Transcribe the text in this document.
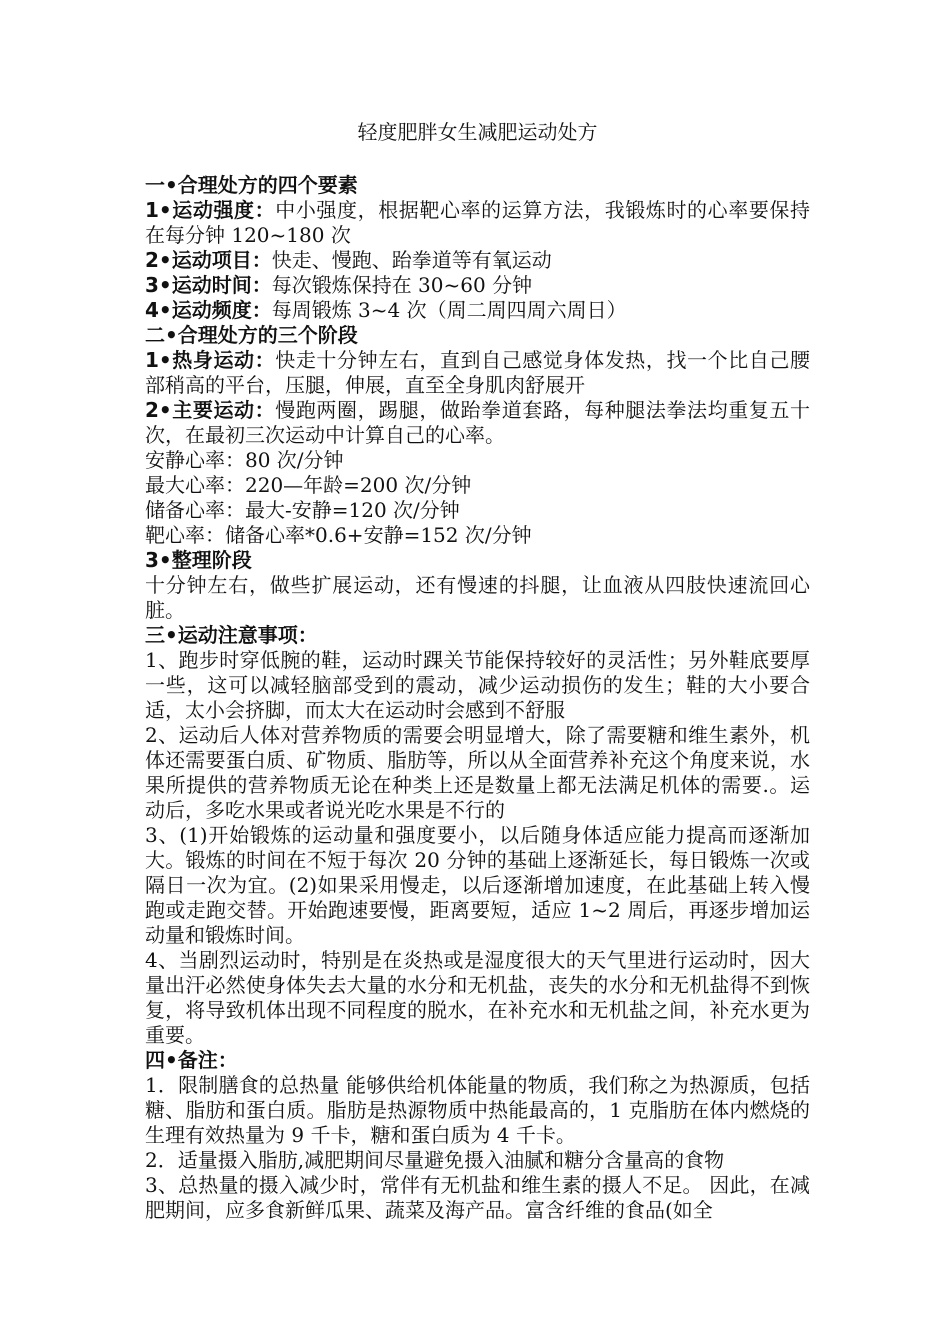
轻度肥胖女生减肥运动处方
一•合理处方的四个要素
1•运动强度：中小强度，根据靶心率的运算方法，我锻炼时的心率要保持在每分钟 120~180 次
2•运动项目：快走、慢跑、跆拳道等有氧运动
3•运动时间：每次锻炼保持在 30~60 分钟
4•运动频度：每周锻炼 3~4 次（周二周四周六周日）
二•合理处方的三个阶段
1•热身运动：快走十分钟左右，直到自己感觉身体发热，找一个比自己腰部稍高的平台，压腿，伸展，直至全身肌肉舒展开
2•主要运动：慢跑两圈，踢腿，做跆拳道套路，每种腿法拳法均重复五十次，在最初三次运动中计算自己的心率。
安静心率：80 次/分钟
最大心率：220—年龄=200 次/分钟
储备心率：最大-安静=120 次/分钟
靶心率：储备心率*0.6+安静=152 次/分钟
3•整理阶段
十分钟左右，做些扩展运动，还有慢速的抖腿，让血液从四肢快速流回心脏。
三•运动注意事项：
1、跑步时穿低腕的鞋，运动时踝关节能保持较好的灵活性；另外鞋底要厚一些，这可以减轻脑部受到的震动，减少运动损伤的发生；鞋的大小要合适，太小会挤脚，而太大在运动时会感到不舒服
2、运动后人体对营养物质的需要会明显增大，除了需要糖和维生素外，机体还需要蛋白质、矿物质、脂肪等，所以从全面营养补充这个角度来说，水果所提供的营养物质无论在种类上还是数量上都无法满足机体的需要.。运动后，多吃水果或者说光吃水果是不行的
3、(1)开始锻炼的运动量和强度要小，以后随身体适应能力提高而逐渐加大。锻炼的时间在不短于每次 20 分钟的基础上逐渐延长，每日锻炼一次或隔日一次为宜。(2)如果采用慢走，以后逐渐增加速度，在此基础上转入慢跑或走跑交替。开始跑速要慢，距离要短，适应 1~2 周后，再逐步增加运动量和锻炼时间。
4、当剧烈运动时，特别是在炎热或是湿度很大的天气里进行运动时，因大量出汗必然使身体失去大量的水分和无机盐，丧失的水分和无机盐得不到恢复，将导致机体出现不同程度的脱水，在补充水和无机盐之间，补充水更为重要。
四•备注：
1．限制膳食的总热量 能够供给机体能量的物质，我们称之为热源质，包括糖、脂肪和蛋白质。脂肪是热源物质中热能最高的，1 克脂肪在体内燃烧的生理有效热量为 9 千卡，糖和蛋白质为 4 千卡。
2．适量摄入脂肪,减肥期间尽量避免摄入油腻和糖分含量高的食物
3、总热量的摄入减少时，常伴有无机盐和维生素的摄人不足。 因此，在减肥期间，应多食新鲜瓜果、蔬菜及海产品。富含纤维的食品(如全
